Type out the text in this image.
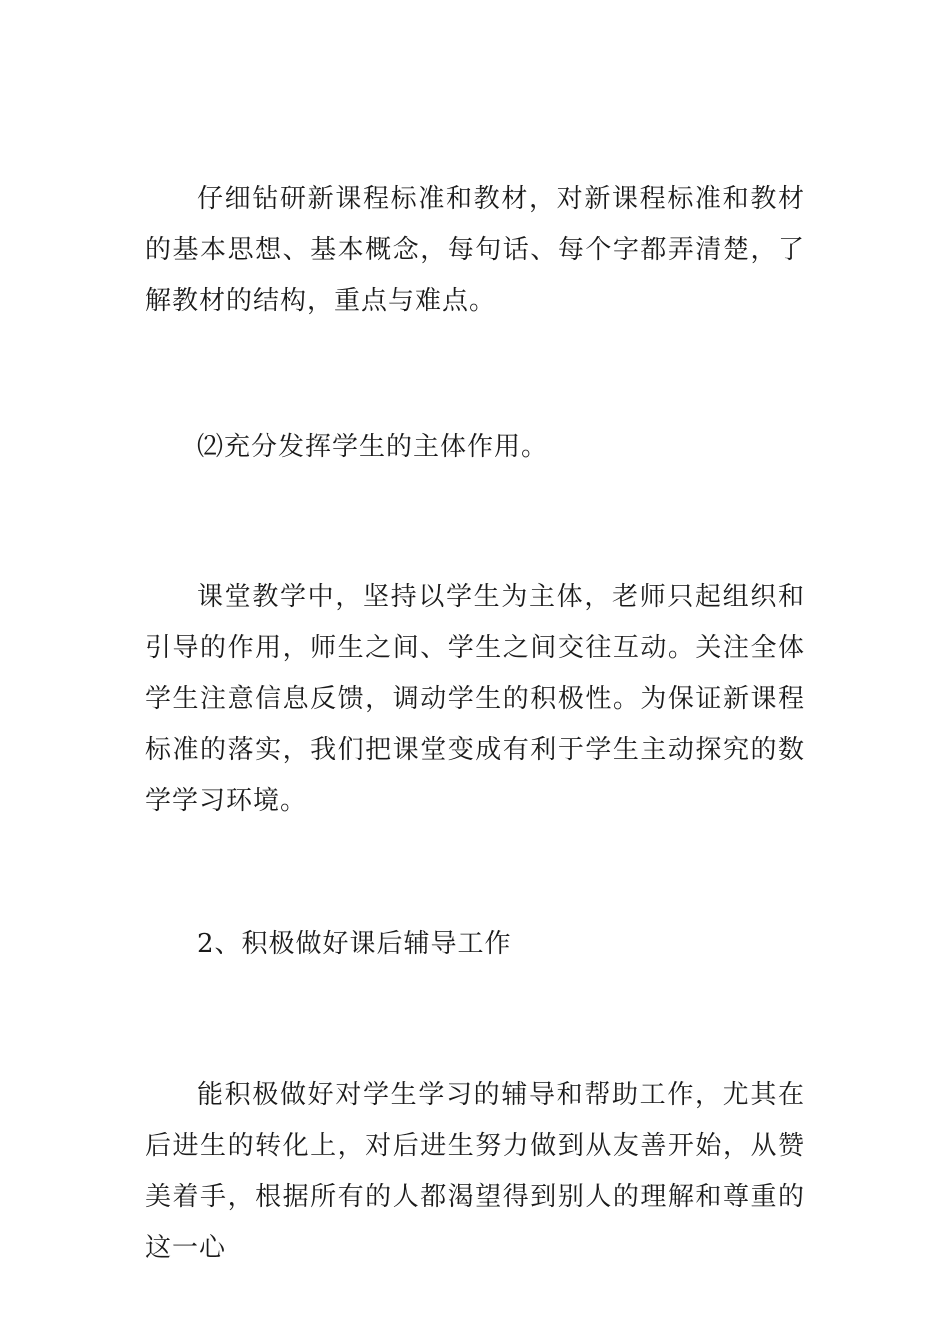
仔细钻研新课程标准和教材，对新课程标准和教材的基本思想、基本概念，每句话、每个字都弄清楚，了解教材的结构，重点与难点。

⑵充分发挥学生的主体作用。

课堂教学中，坚持以学生为主体，老师只起组织和引导的作用，师生之间、学生之间交往互动。关注全体学生注意信息反馈，调动学生的积极性。为保证新课程标准的落实，我们把课堂变成有利于学生主动探究的数学学习环境。

2、积极做好课后辅导工作

能积极做好对学生学习的辅导和帮助工作，尤其在后进生的转化上，对后进生努力做到从友善开始，从赞美着手，根据所有的人都渴望得到别人的理解和尊重的这一心
